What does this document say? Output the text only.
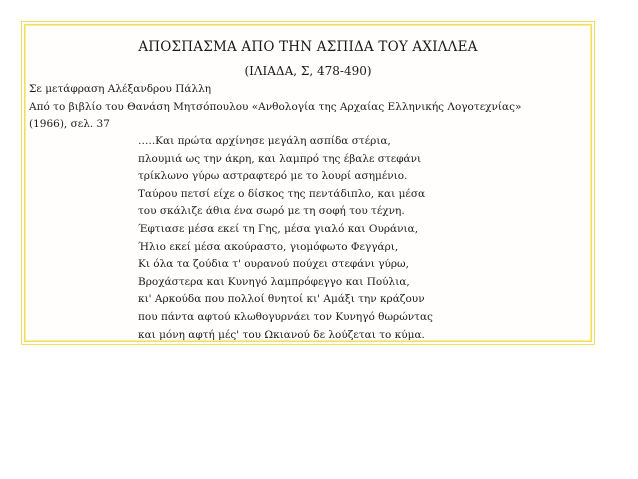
ΑΠΟΣΠΑΣΜΑ ΑΠΟ ΤΗΝ ΑΣΠΙΔΑ ΤΟΥ ΑΧΙΛΛΕΑ
(ΙΛΙΑΔΑ, Σ, 478-490)
Σε μετάφραση Αλέξανδρου Πάλλη
Από το βιβλίο του Θανάση Μητσόπουλου «Ανθολογία της Αρχαίας Ελληνικής Λογοτεχνίας»
(1966), σελ. 37
…..Και πρώτα αρχίνησε μεγάλη ασπίδα στέρια,
πλουμιά ως την άκρη, και λαμπρό της έβαλε στεφάνι
τρίκλωνο γύρω αστραφτερό με το λουρί ασημένιο.
Ταύρου πετσί είχε ο δίσκος της πεντάδιπλο, και μέσα
του σκάλιζε άθια ένα σωρό με τη σοφή του τέχνη.
Έφτιασε μέσα εκεί τη Γης, μέσα γιαλό και Ουράνια,
Ήλιο εκεί μέσα ακούραστο, γιομόφωτο Φεγγάρι,
Κι όλα τα ζούδια τ' ουρανού πούχει στεφάνι γύρω,
Βροχάστερα και Κυνηγό λαμπρόφεγγο και Πούλια,
κι' Αρκούδα που πολλοί θνητοί κι' Αμάξι την κράζουν
που πάντα αφτού κλωθογυρνάει τον Κυνηγό θωρώντας
και μόνη αφτή μές' του Ωκιανού δε λούζεται το κύμα.
